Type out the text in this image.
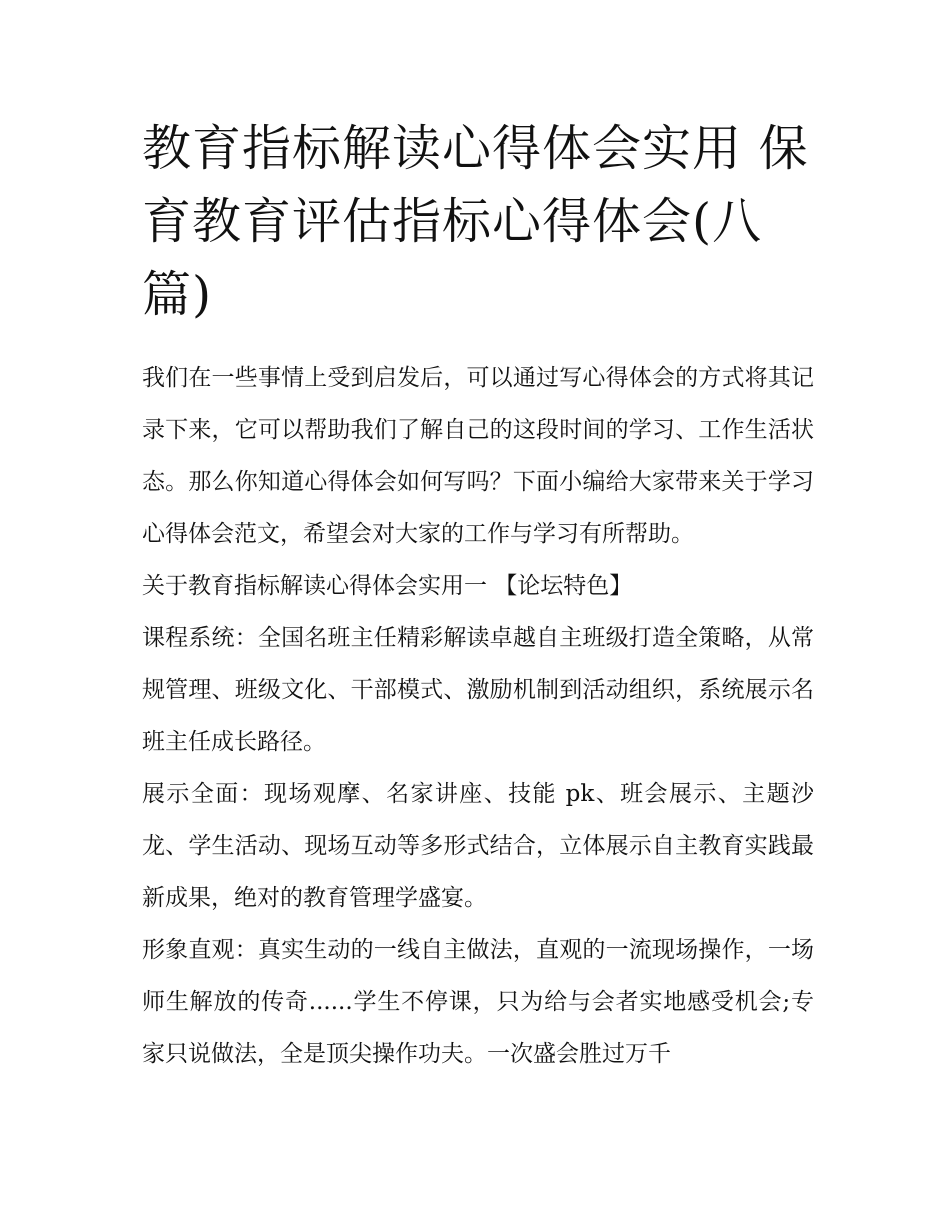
教育指标解读心得体会实用 保育教育评估指标心得体会(八篇)

我们在一些事情上受到启发后，可以通过写心得体会的方式将其记录下来，它可以帮助我们了解自己的这段时间的学习、工作生活状态。那么你知道心得体会如何写吗？下面小编给大家带来关于学习心得体会范文，希望会对大家的工作与学习有所帮助。

关于教育指标解读心得体会实用一 【论坛特色】

课程系统：全国名班主任精彩解读卓越自主班级打造全策略，从常规管理、班级文化、干部模式、激励机制到活动组织，系统展示名班主任成长路径。

展示全面：现场观摩、名家讲座、技能 pk、班会展示、主题沙龙、学生活动、现场互动等多形式结合，立体展示自主教育实践最新成果，绝对的教育管理学盛宴。

形象直观：真实生动的一线自主做法，直观的一流现场操作，一场师生解放的传奇......学生不停课，只为给与会者实地感受机会;专家只说做法，全是顶尖操作功夫。一次盛会胜过万千
